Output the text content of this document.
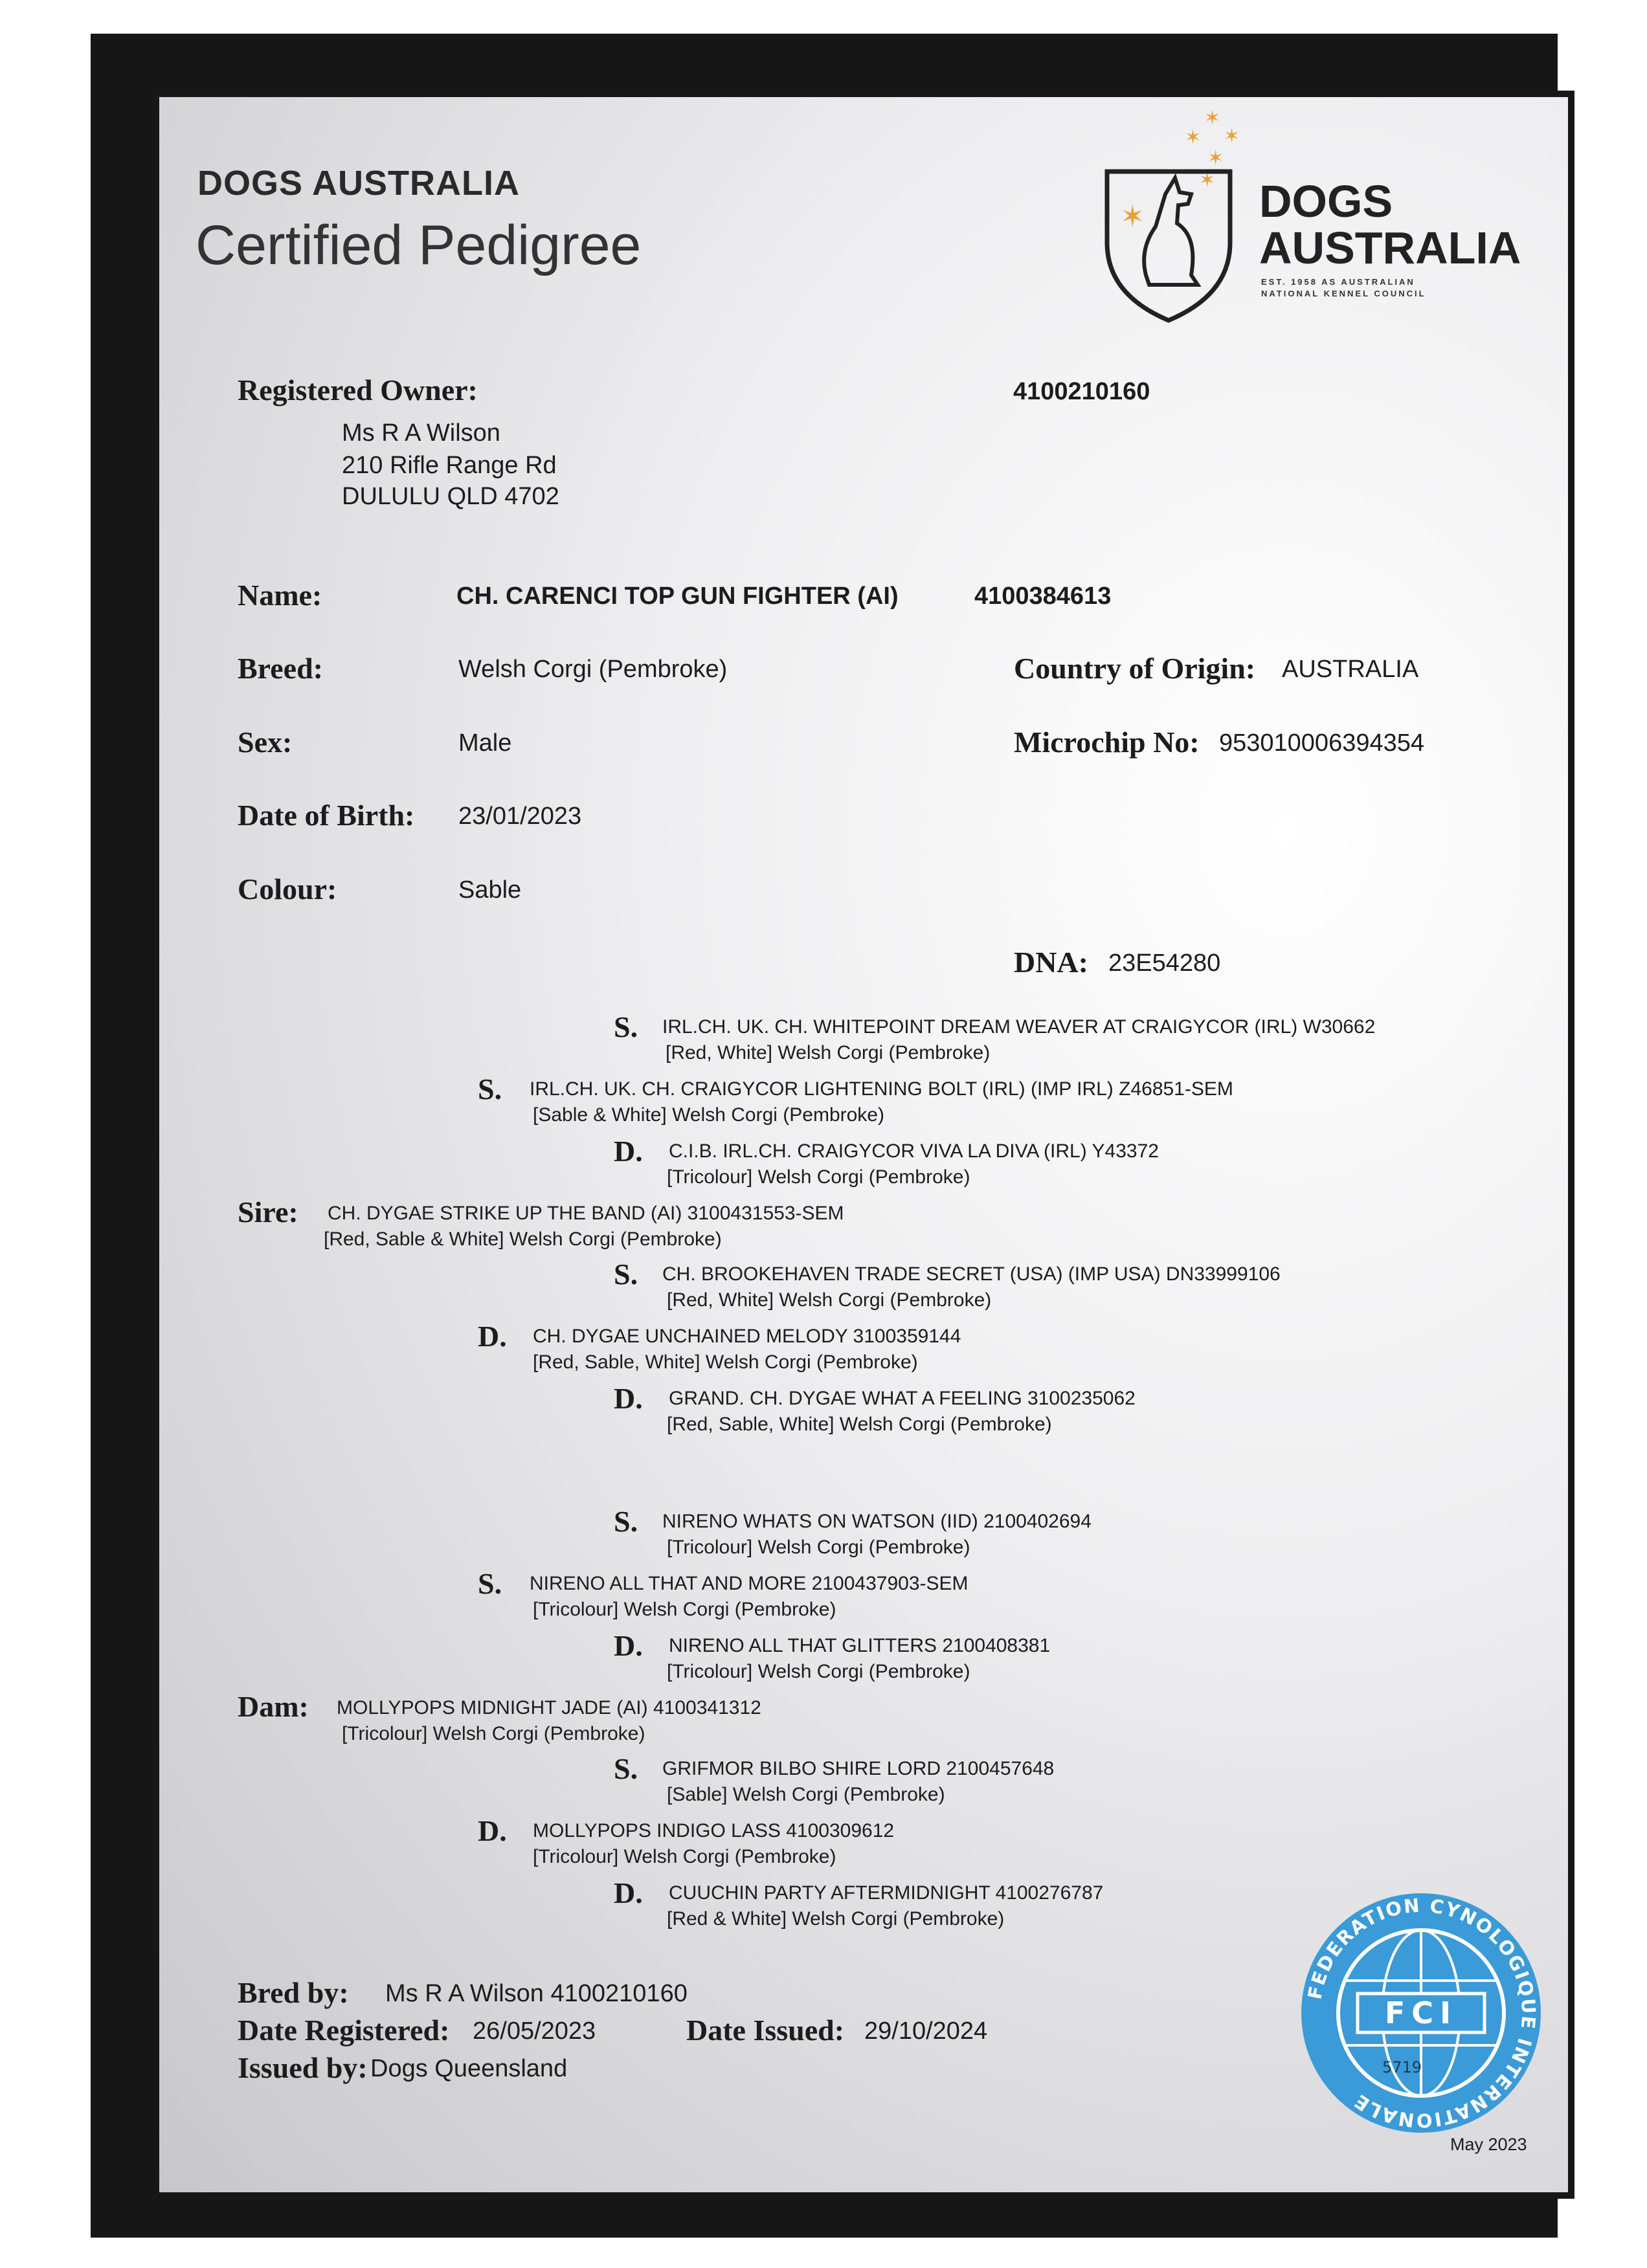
DOGS AUSTRALIA
Certified Pedigree
✶
✶ ✶
✶
✶
✶	DOGS
AUSTRALIA
EST. 1958 AS AUSTRALIAN
NATIONAL KENNEL COUNCIL
Registered Owner:	4100210160
Ms R A Wilson
210 Rifle Range Rd
DULULU QLD 4702
Name:	CH. CARENCI TOP GUN FIGHTER (AI)	4100384613
Breed:	Welsh Corgi (Pembroke)	Country of Origin: AUSTRALIA
Sex:	Male	Microchip No: 953010006394354
Date of Birth: 23/01/2023
Colour:	Sable
DNA: 23E54280
S. IRL.CH. UK. CH. WHITEPOINT DREAM WEAVER AT CRAIGYCOR (IRL) W30662
[Red, White] Welsh Corgi (Pembroke)
S. IRL.CH. UK. CH. CRAIGYCOR LIGHTENING BOLT (IRL) (IMP IRL) Z46851-SEM
[Sable & White] Welsh Corgi (Pembroke)
D. C.I.B. IRL.CH. CRAIGYCOR VIVA LA DIVA (IRL) Y43372
[Tricolour] Welsh Corgi (Pembroke)
Sire: CH. DYGAE STRIKE UP THE BAND (AI) 3100431553-SEM
[Red, Sable & White] Welsh Corgi (Pembroke)
S. CH. BROOKEHAVEN TRADE SECRET (USA) (IMP USA) DN33999106
[Red, White] Welsh Corgi (Pembroke)
D. CH. DYGAE UNCHAINED MELODY 3100359144
[Red, Sable, White] Welsh Corgi (Pembroke)
D. GRAND. CH. DYGAE WHAT A FEELING 3100235062
[Red, Sable, White] Welsh Corgi (Pembroke)
S. NIRENO WHATS ON WATSON (IID) 2100402694
[Tricolour] Welsh Corgi (Pembroke)
S. NIRENO ALL THAT AND MORE 2100437903-SEM
[Tricolour] Welsh Corgi (Pembroke)
D. NIRENO ALL THAT GLITTERS 2100408381
[Tricolour] Welsh Corgi (Pembroke)
Dam: MOLLYPOPS MIDNIGHT JADE (AI) 4100341312
[Tricolour] Welsh Corgi (Pembroke)
S. GRIFMOR BILBO SHIRE LORD 2100457648
[Sable] Welsh Corgi (Pembroke)
D. MOLLYPOPS INDIGO LASS 4100309612
[Tricolour] Welsh Corgi (Pembroke)
D. CUUCHIN PARTY AFTERMIDNIGHT 4100276787
[Red & White] Welsh Corgi (Pembroke)
Bred by: Ms R A Wilson 4100210160
Date Registered: 26/05/2023	Date Issued: 29/10/2024
Issued by: Dogs Queensland
May 2023
FEDERATION CYNOLOGIQUE INTERNATIONALE
FCI
5719
